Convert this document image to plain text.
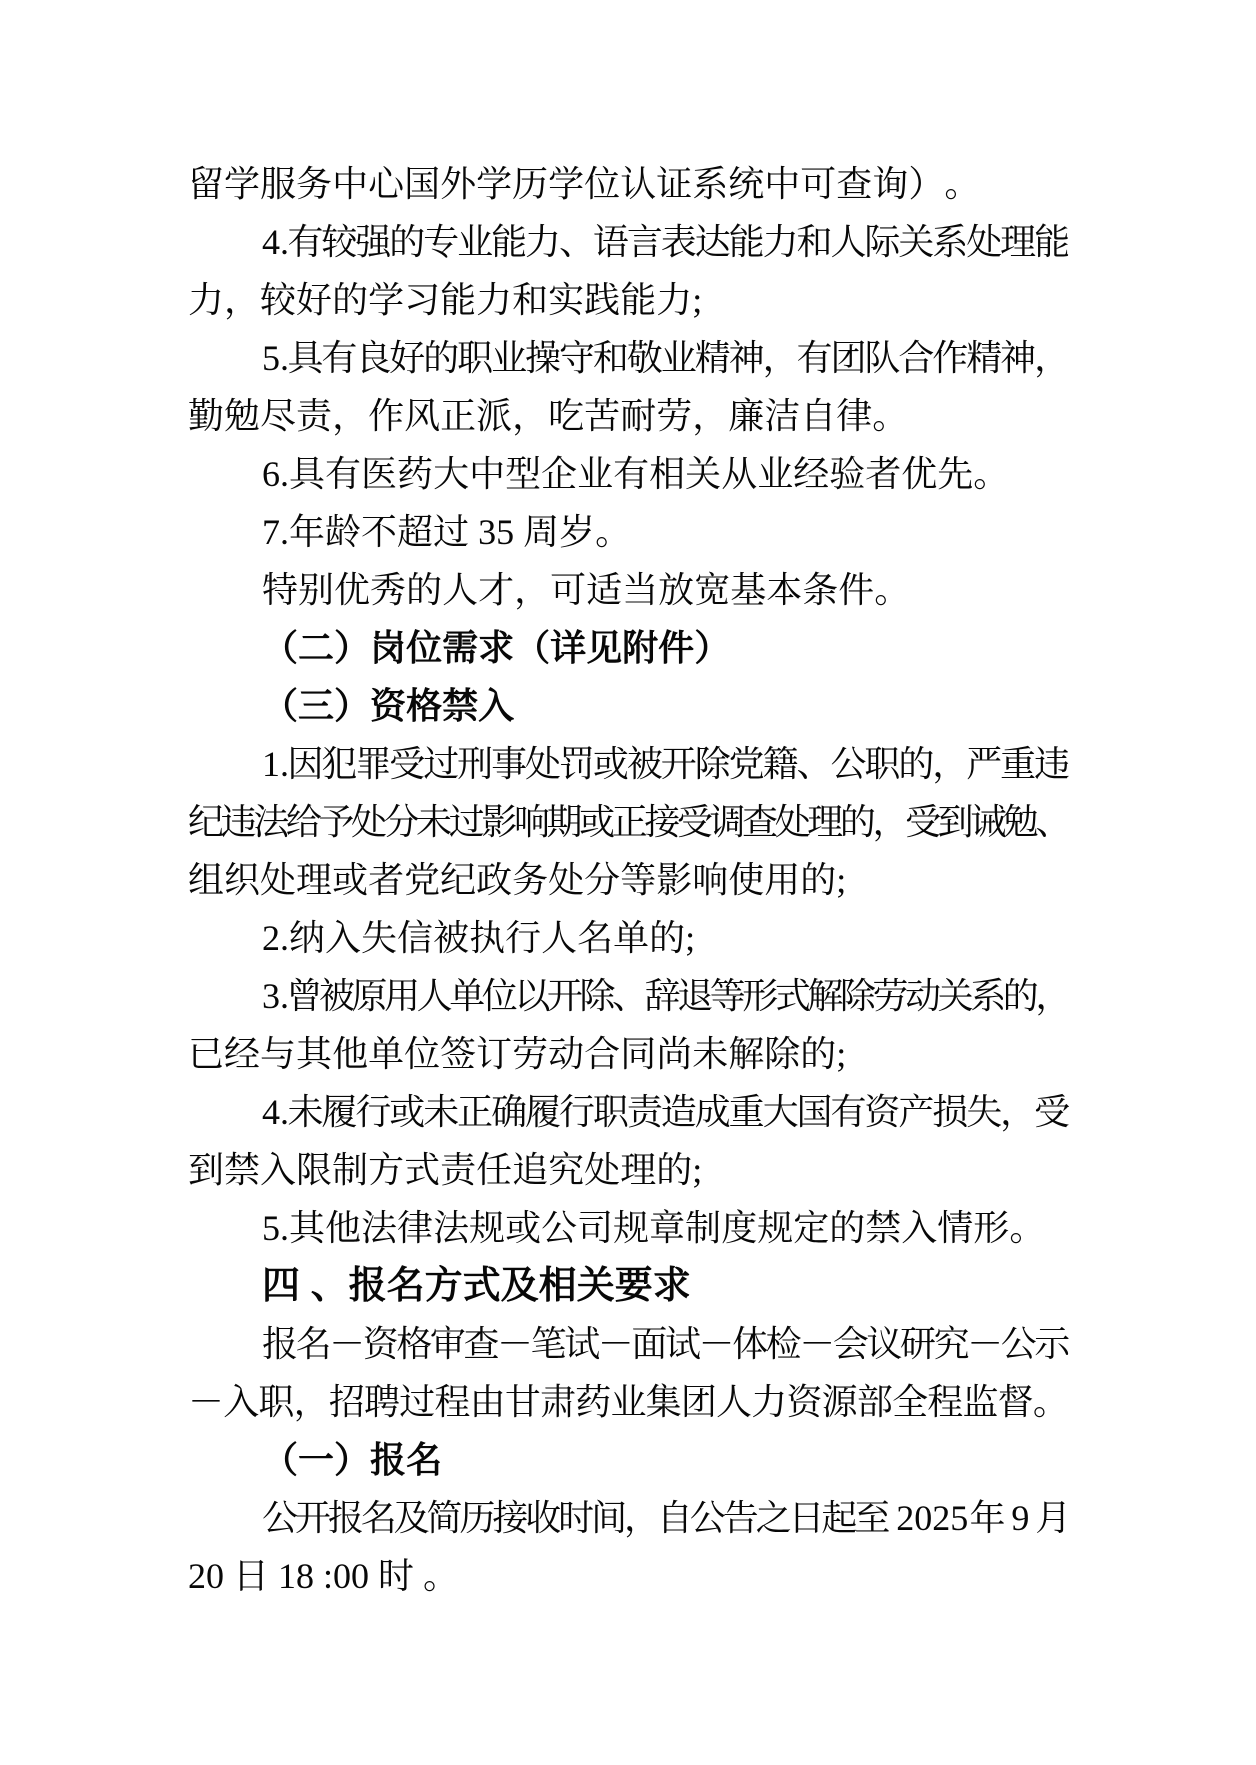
留 学 服 务 中 心 国 外 学 历 学 位 认 证 系 统 中 可 查 询 ） 。
4.
有
较
强
的
专
业
能
力
、
语
言
表
达
能
力
和
人
际
关
系
处
理
能
力 ， 较 好 的 学 习 能 力 和 实 践 能 力 ;
5.
具
有
良
好
的
职
业
操
守
和
敬
业
精
神
，
有
团
队
合
作
精
神
，
勤 勉 尽 责 ， 作 风 正 派 ， 吃 苦 耐 劳 ， 廉 洁 自 律 。
6. 具 有 医 药 大 中 型 企 业 有 相 关 从 业 经 验 者 优 先 。
7. 年 龄 不 超 过 35 周 岁 。
特 别 优 秀 的 人 才 ， 可 适 当 放 宽 基 本 条 件 。
（ 二 ） 岗 位 需 求 （ 详 见 附 件 ）
（ 三 ） 资 格 禁 入
1.
因
犯
罪
受
过
刑
事
处
罚
或
被
开
除
党
籍
、
公
职
的
，
严
重
违
纪
违
法
给
予
处
分
未
过
影
响
期
或
正
接
受
调
查
处
理
的
，
受
到
诫
勉
、
组 织 处 理 或 者 党 纪 政 务 处 分 等 影 响 使 用 的 ;
2. 纳 入 失 信 被 执 行 人 名 单 的 ;
3.
曾
被
原
用
人
单
位
以
开
除
、
辞
退
等
形
式
解
除
劳
动
关
系
的
，
已 经 与 其 他 单 位 签 订 劳 动 合 同 尚 未 解 除 的 ;
4.
未
履
行
或
未
正
确
履
行
职
责
造
成
重
大
国
有
资
产
损
失
，
受
到 禁 入 限 制 方 式 责 任 追 究 处 理 的 ;
5. 其 他 法 律 法 规 或 公 司 规 章 制 度 规 定 的 禁 入 情 形 。
四
、 报 名 方 式 及 相 关 要 求
报
名
－
资
格
审
查
－
笔
试
－
面
试
－
体
检
－
会
议
研
究
－
公
示
－ 入 职 ， 招 聘 过 程 由 甘 肃 药 业 集 团 人 力 资 源 部 全 程 监 督 。
（ 一 ） 报 名
公
开
报
名
及
简
历
接
收
时
间
，
自
公
告
之
日
起
至
2025
年
9
月
20 日 18 :00 时
。
